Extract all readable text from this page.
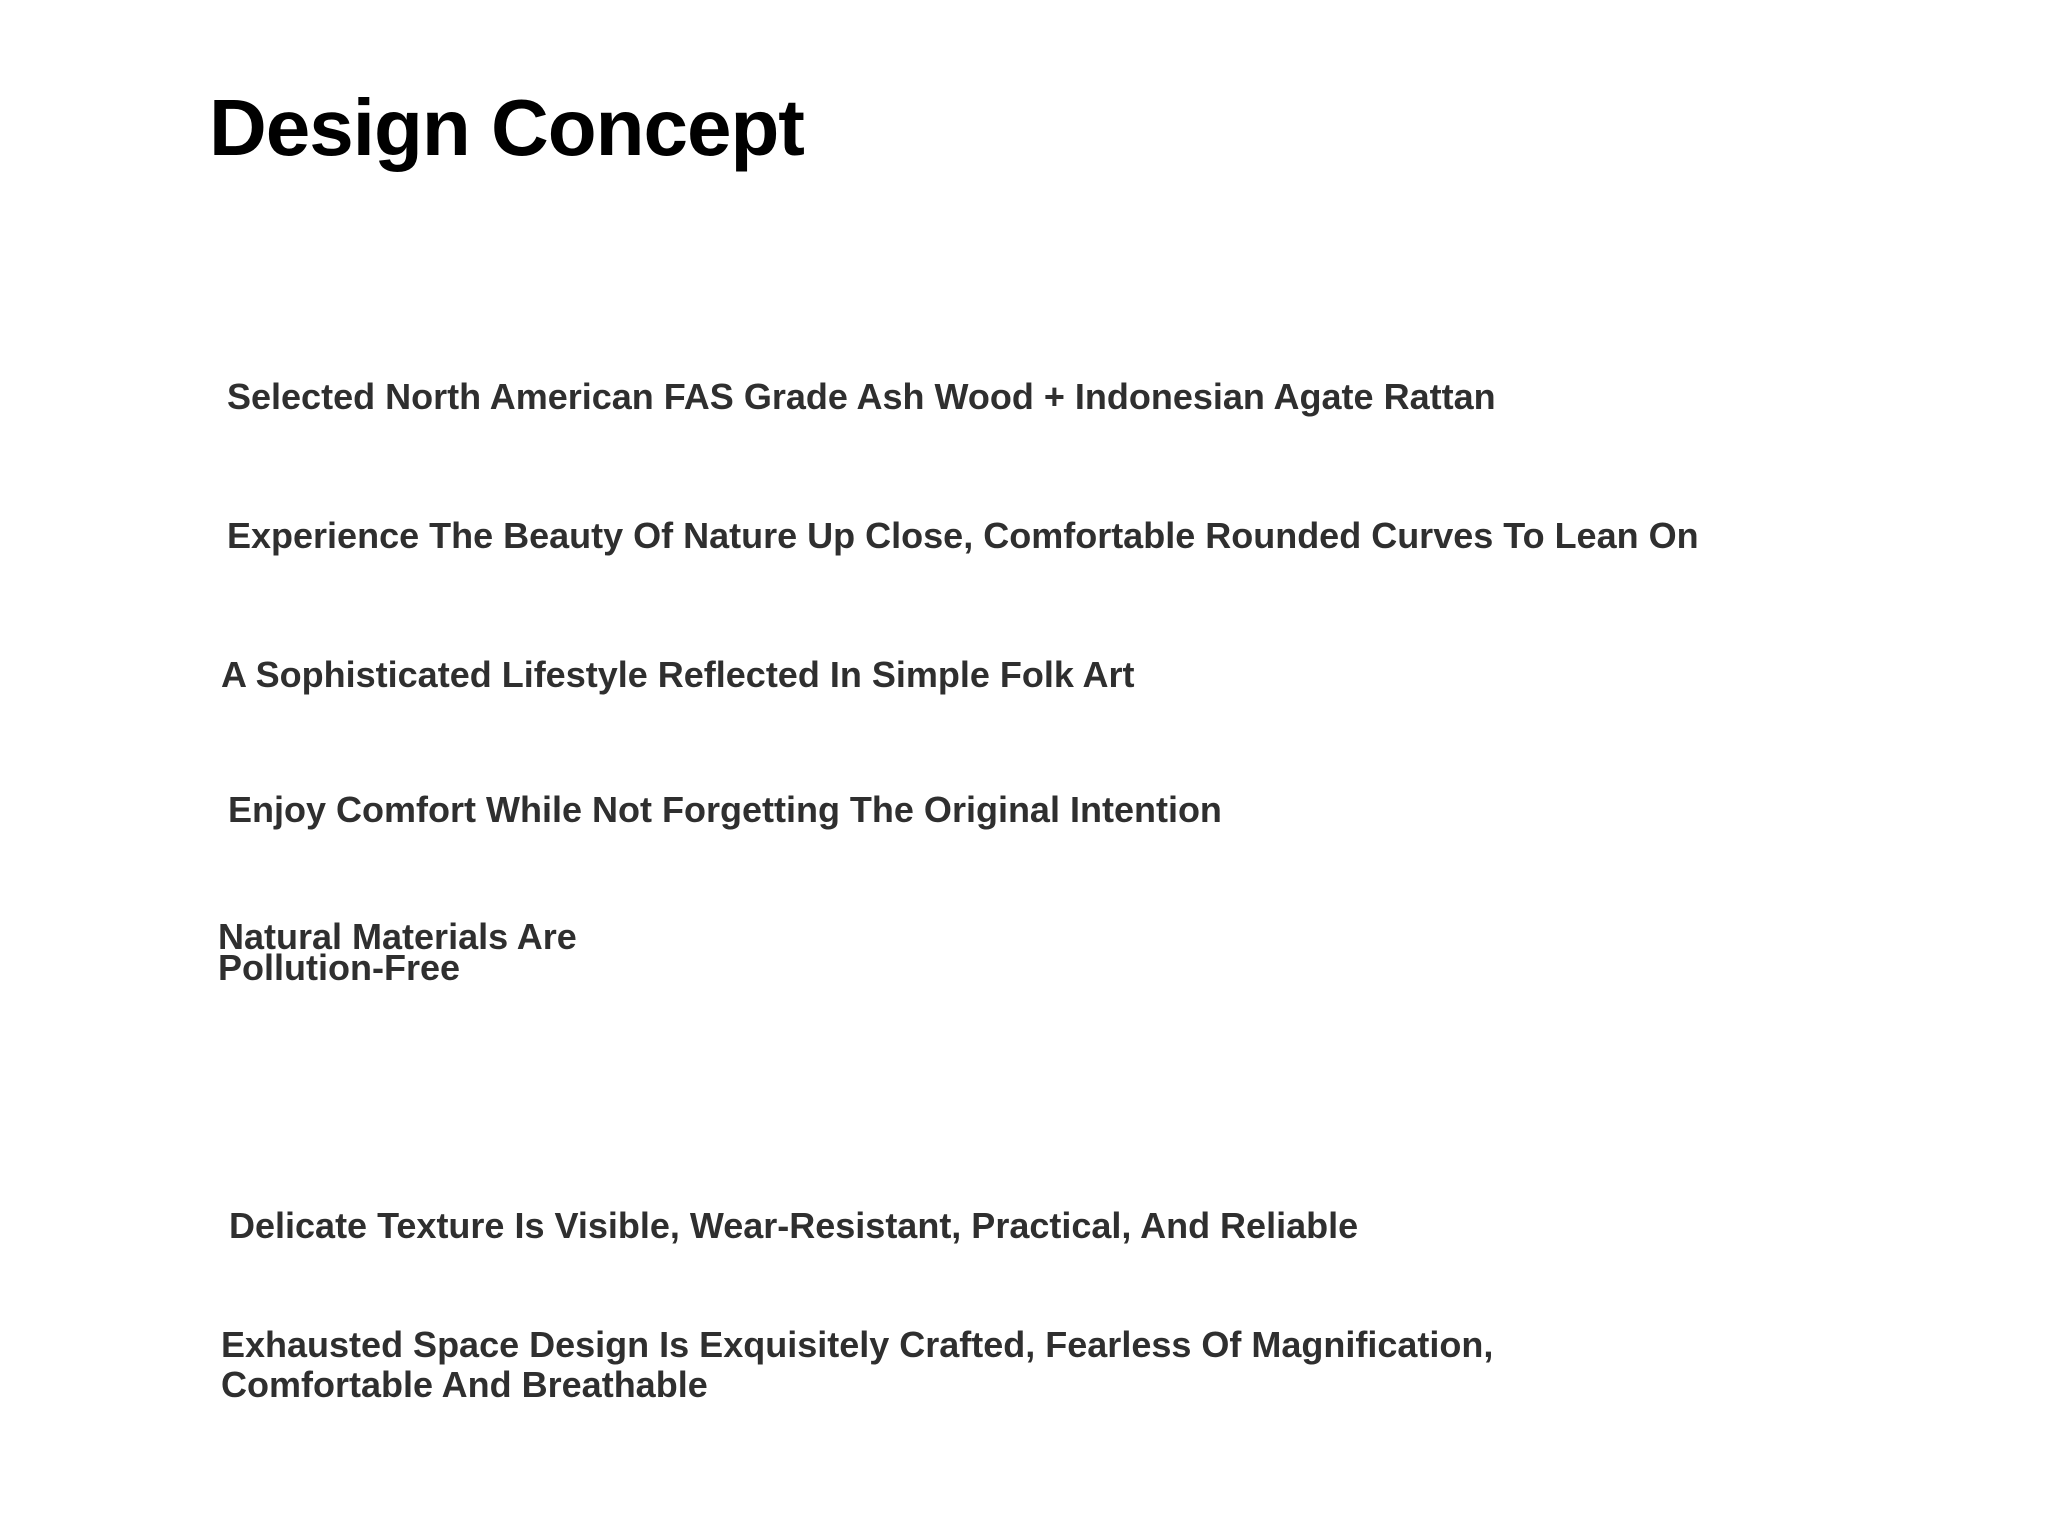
Design Concept
Selected North American FAS Grade Ash Wood + Indonesian Agate Rattan
Experience The Beauty Of Nature Up Close, Comfortable Rounded Curves To Lean On
A Sophisticated Lifestyle Reflected In Simple Folk Art
Enjoy Comfort While Not Forgetting The Original Intention
Natural Materials Are
Pollution-Free
Delicate Texture Is Visible, Wear-Resistant, Practical, And Reliable
Exhausted Space Design Is Exquisitely Crafted, Fearless Of Magnification,
Comfortable And Breathable
